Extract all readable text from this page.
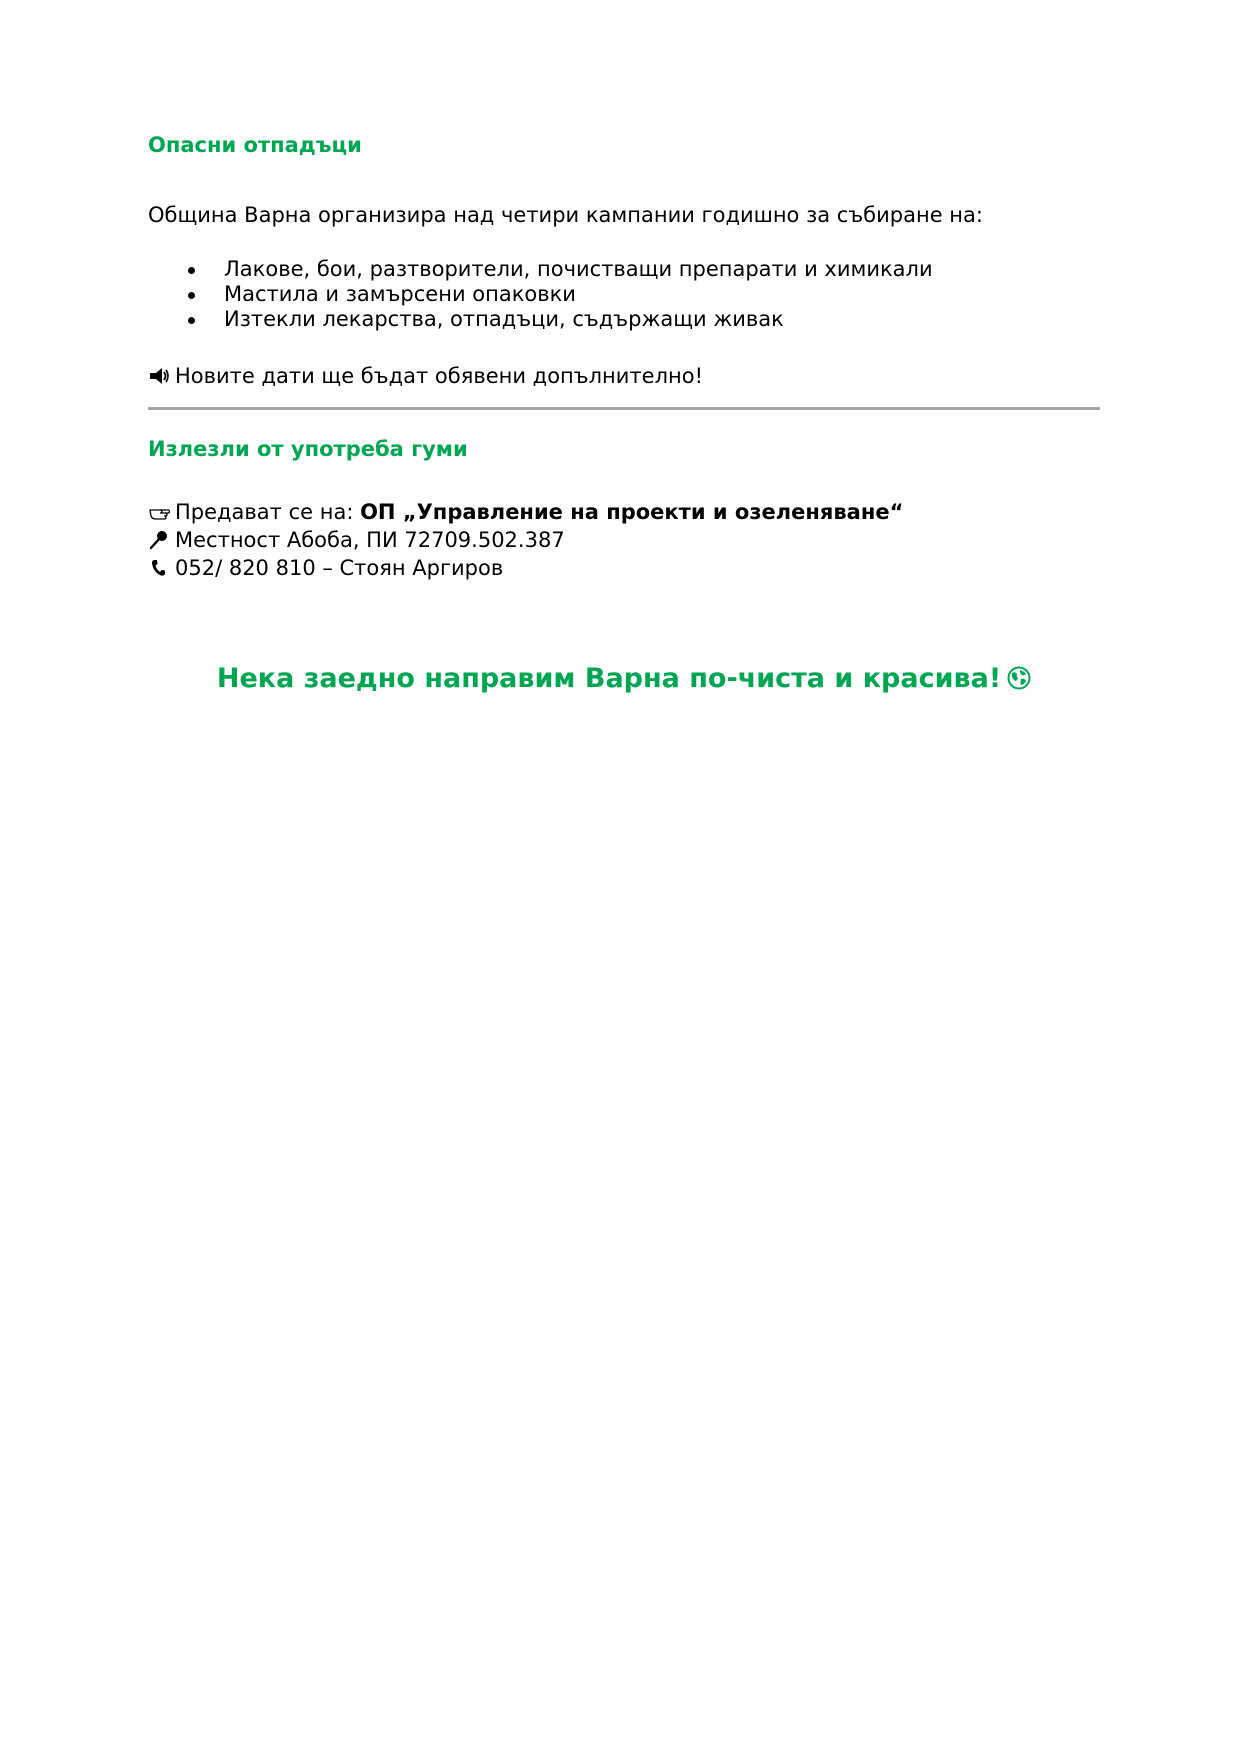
Опасни отпадъци

Община Варна организира над четири кампании годишно за събиране на:

Лакове, бои, разтворители, почистващи препарати и химикали
Мастила и замърсени опаковки
Изтекли лекарства, отпадъци, съдържащи живак

Новите дати ще бъдат обявени допълнително!

Излезли от употреба гуми

Предават се на: ОП „Управление на проекти и озеленяване“

Местност Абоба, ПИ 72709.502.387

052/ 820 810 – Стоян Аргиров

Нека заедно направим Варна по-чиста и красива!
